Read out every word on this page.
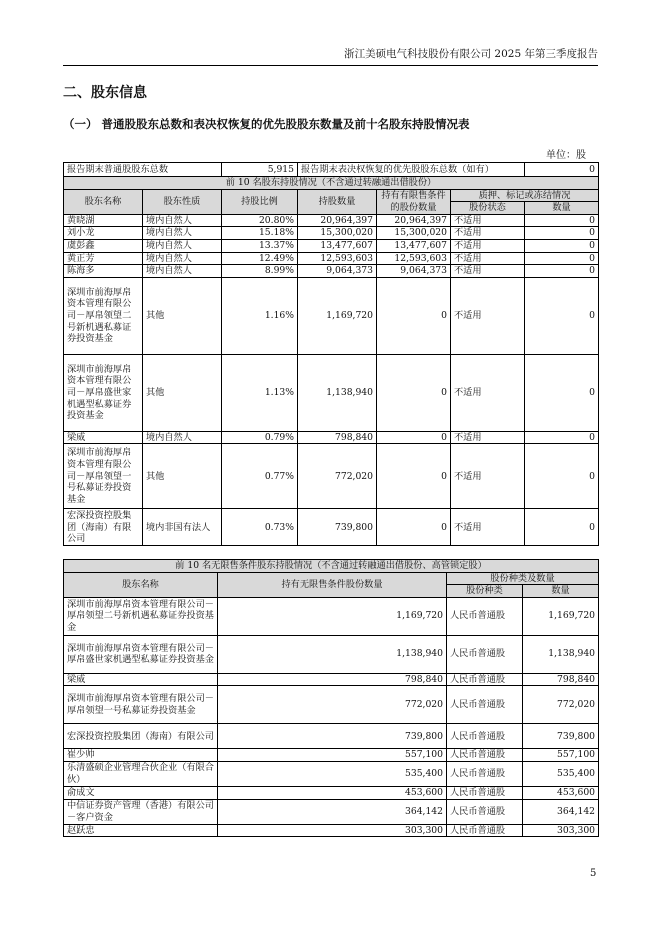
浙江美硕电气科技股份有限公司 2025 年第三季度报告
二、股东信息
（一） 普通股股东总数和表决权恢复的优先股股东数量及前十名股东持股情况表
单位：股
报告期末普通股股东总数		5,915	报告期末表决权恢复的优先股股东总数（如有）			0
前 10 名股东持股情况（不含通过转融通出借股份）						
股东名称	股东性质	持股比例	持股数量	持有有限售条件的股份数量	质押、标记或冻结情况	
					股份状态	数量
黄晓湖	境内自然人	20.80%	20,964,397	20,964,397	不适用	0
刘小龙	境内自然人	15.18%	15,300,020	15,300,020	不适用	0
虞彭鑫	境内自然人	13.37%	13,477,607	13,477,607	不适用	0
黄正芳	境内自然人	12.49%	12,593,603	12,593,603	不适用	0
陈海多	境内自然人	8.99%	9,064,373	9,064,373	不适用	0
深圳市前海厚帛资本管理有限公司－厚帛领望二号新机遇私募证券投资基金	其他	1.16%	1,169,720	0	不适用	0
深圳市前海厚帛资本管理有限公司－厚帛盛世家机遇型私募证券投资基金	其他	1.13%	1,138,940	0	不适用	0
梁威	境内自然人	0.79%	798,840	0	不适用	0
深圳市前海厚帛资本管理有限公司－厚帛领望一号私募证券投资基金	其他	0.77%	772,020	0	不适用	0
宏深投资控股集团（海南）有限公司	境内非国有法人	0.73%	739,800	0	不适用	0
前 10 名无限售条件股东持股情况（不含通过转融通出借股份、高管锁定股）			
股东名称	持有无限售条件股份数量	股份种类及数量	
		股份种类	数量
深圳市前海厚帛资本管理有限公司－厚帛领望二号新机遇私募证券投资基金	1,169,720	人民币普通股	1,169,720
深圳市前海厚帛资本管理有限公司－厚帛盛世家机遇型私募证券投资基金	1,138,940	人民币普通股	1,138,940
梁威	798,840	人民币普通股	798,840
深圳市前海厚帛资本管理有限公司－厚帛领望一号私募证券投资基金	772,020	人民币普通股	772,020
宏深投资控股集团（海南）有限公司	739,800	人民币普通股	739,800
崔少帅	557,100	人民币普通股	557,100
乐清盛硕企业管理合伙企业（有限合伙）	535,400	人民币普通股	535,400
俞成文	453,600	人民币普通股	453,600
中信证券资产管理（香港）有限公司－客户资金	364,142	人民币普通股	364,142
赵跃忠	303,300	人民币普通股	303,300
5
